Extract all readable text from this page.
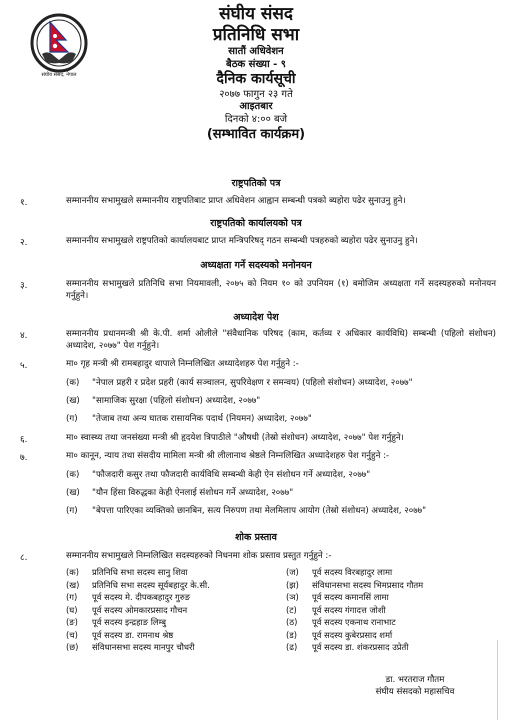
संघीय संसद, नेपाल
संघीय संसद
प्रतिनिधि सभा
सातौं अधिवेशन
बैठक संख्या - ९
दैनिक कार्यसूची
२०७७ फागुन २३ गते
आइतबार
दिनको ४:०० बजे
(सम्भावित कार्यक्रम)
राष्ट्रपतिको पत्र
१.	सम्माननीय सभामुखले सम्माननीय राष्ट्रपतिबाट प्राप्त अधिवेशन आह्वान सम्बन्धी पत्रको ब्यहोरा पढेर सुनाउनु हुने।
राष्ट्रपतिको कार्यालयको पत्र
२.	सम्माननीय सभामुखले राष्ट्रपतिको कार्यालयबाट प्राप्त मन्त्रिपरिषद् गठन सम्बन्धी पत्रहरुको ब्यहोरा पढेर सुनाउनु हुने।
अध्यक्षता गर्ने सदस्यको मनोनयन
३.	सम्माननीय सभामुखले प्रतिनिधि सभा नियमावली, २०७५ को नियम १० को उपनियम (१) बमोजिम अध्यक्षता गर्ने सदस्यहरुको मनोनयन गर्नुहुने।
अध्यादेश पेश
४.	सम्माननीय प्रधानमन्त्री श्री के.पी. शर्मा ओली‍ले "संवैधानिक परिषद (काम, कर्तव्य र अधिकार कार्यविधि) सम्बन्धी (पहिलो संशोधन) अध्यादेश, २०७७" पेश गर्नुहुने।
५.	मा० गृह मन्त्री श्री रामबहादुर थापाले निम्नलिखित अध्यादेशहरु पेश गर्नुहुने :-
(क) "नेपाल प्रहरी र प्रदेश प्रहरी (कार्य सञ्चालन, सुपरिवेक्षण र समन्वय) (पहिलो संशोधन) अध्यादेश, २०७७"
(ख) "सामाजिक सुरक्षा (पहिलो संशोधन) अध्यादेश, २०७७"
(ग) "तेजाब तथा अन्य घातक रासायनिक पदार्थ (नियमन) अध्यादेश, २०७७"
६.	मा० स्वास्थ्य तथा जनसंख्या मन्त्री श्री हृदयेश त्रिपाठीले "औषधी (तेस्रो संशोधन) अध्यादेश, २०७७" पेश गर्नुहुने।
७.	मा० कानून, न्याय तथा संसदीय मामिला मन्त्री श्री लीलानाथ श्रेष्ठले निम्नलिखित अध्यादेशहरु पेश गर्नुहुने :-
(क) "फौजदारी कसुर तथा फौजदारी कार्यविधि सम्बन्धी केही ऐन संशोधन गर्ने अध्यादेश, २०७७"
(ख) "यौन हिंसा विरुद्धका केही ऐनलाई संशोधन गर्ने अध्यादेश, २०७७"
(ग) "बेपत्ता पारिएका व्यक्तिको छानबिन, सत्य निरुपण तथा मेलमिलाप आयोग (तेस्रो संशोधन) अध्यादेश, २०७७"
शोक प्रस्ताव
८.	सम्माननीय सभामुखले निम्नलिखित सदस्यहरुको निधनमा शोक प्रस्ताव प्रस्तुत गर्नुहुने :-
(क)	प्रतिनिधि सभा सदस्य सानु शिवा
(ख)	प्रतिनिधि सभा सदस्य सूर्यबहादुर के.सी.
(ग)	पूर्व सदस्य मे. दीपकबहादुर गुरुङ
(घ)	पूर्व सदस्य ओमकारप्रसाद गौचन
(ङ)	पूर्व सदस्य इन्द्रहाङ लिम्बु
(च)	पूर्व सदस्य डा. रामनाथ श्रेष्ठ
(छ)	संविधानसभा सदस्य मानपुर चौधरी
(ज)	पूर्व सदस्य विरबहादुर लामा
(झ)	संविधानसभा सदस्य भिमप्रसाद गौतम
(ञ)	पूर्व सदस्य कमानसिं लामा
(ट)	पूर्व सदस्य गंगादत्त जोशी
(ठ)	पूर्व सदस्य एकनाथ रानाभाट
(ड)	पूर्व सदस्य कुबेरप्रसाद शर्मा
(ढ)	पूर्व सदस्य डा. शंकरप्रसाद उप्रेती
डा. भरतराज गौतम
संघीय संसदको महासचिव
